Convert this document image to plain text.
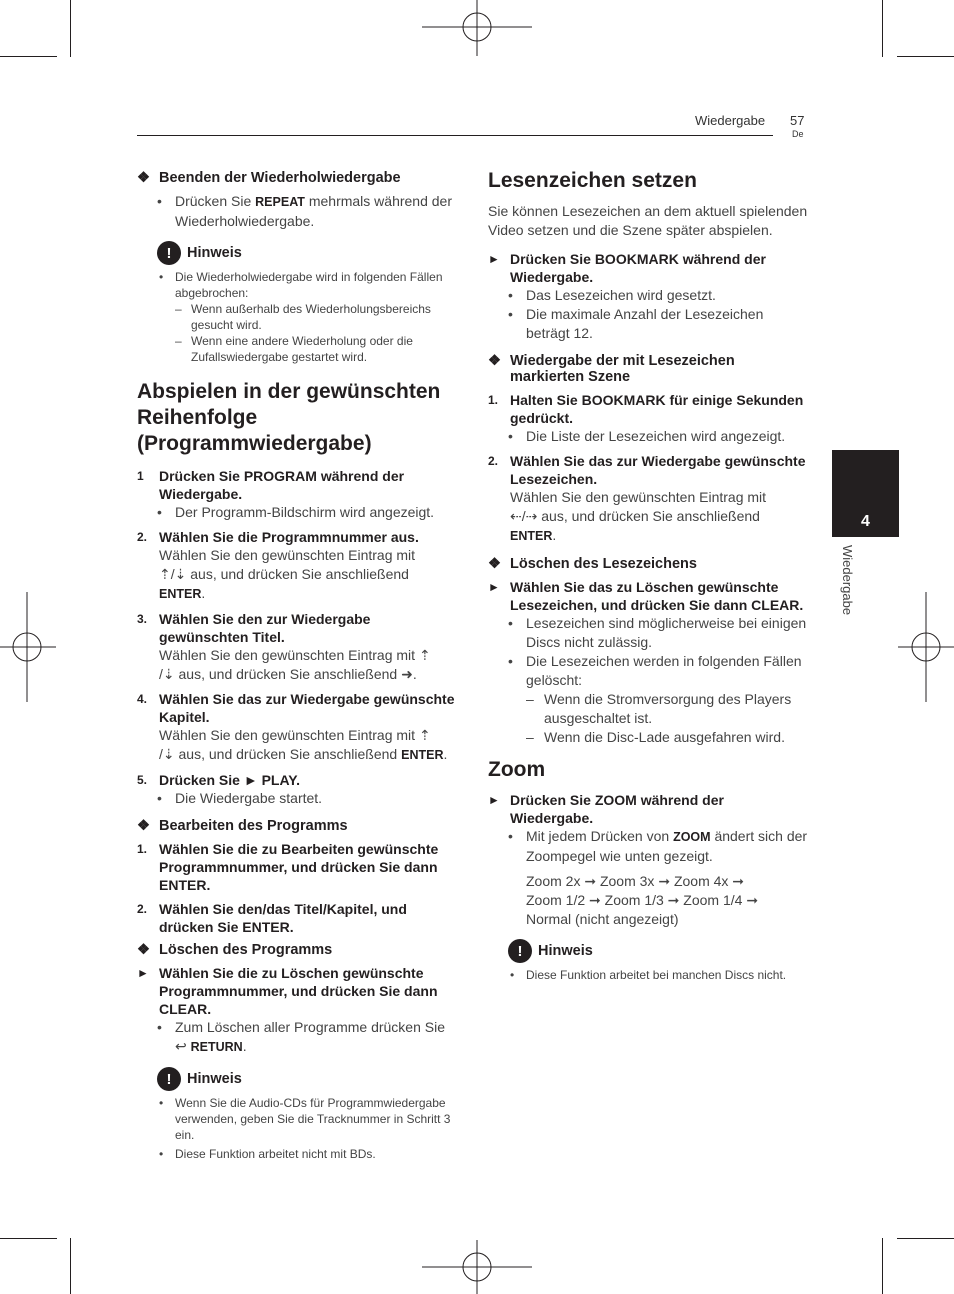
Wiedergabe 57
De
4
Wiedergabe
❖ Beenden der Wiederholwiedergabe
• Drücken Sie REPEAT mehrmals während der Wiederholwiedergabe.
!	Hinweis
• Die Wiederholwiedergabe wird in folgenden Fällen abgebrochen:
– Wenn außerhalb des Wiederholungsbereichs gesucht wird.
– Wenn eine andere Wiederholung oder die Zufallswiedergabe gestartet wird.
Abspielen in der gewünschten Reihenfolge (Programmwiedergabe)
1	Drücken Sie PROGRAM während der Wiedergabe.
• Der Programm-Bildschirm wird angezeigt.
2. Wählen Sie die Programmnummer aus.
Wählen Sie den gewünschten Eintrag mit
⇡/⇣ aus, und drücken Sie anschließend
ENTER.
3. Wählen Sie den zur Wiedergabe gewünschten Titel.
Wählen Sie den gewünschten Eintrag mit ⇡
/⇣ aus, und drücken Sie anschließend ➜.
4. Wählen Sie das zur Wiedergabe gewünschte Kapitel.
Wählen Sie den gewünschten Eintrag mit ⇡
/⇣ aus, und drücken Sie anschließend ENTER.
5. Drücken Sie ► PLAY.
• Die Wiedergabe startet.
❖ Bearbeiten des Programms
1. Wählen Sie die zu Bearbeiten gewünschte Programmnummer, und drücken Sie dann ENTER.
2. Wählen Sie den/das Titel/Kapitel, und drücken Sie ENTER.
❖ Löschen des Programms
► Wählen Sie die zu Löschen gewünschte Programmnummer, und drücken Sie dann CLEAR.
• Zum Löschen aller Programme drücken Sie ↩ RETURN.
!	Hinweis
• Wenn Sie die Audio-CDs für Programmwiedergabe verwenden, geben Sie die Tracknummer in Schritt 3 ein.
• Diese Funktion arbeitet nicht mit BDs.
Lesenzeichen setzen
Sie können Lesezeichen an dem aktuell spielenden Video setzen und die Szene später abspielen.
► Drücken Sie BOOKMARK während der Wiedergabe.
• Das Lesezeichen wird gesetzt.
• Die maximale Anzahl der Lesezeichen beträgt 12.
❖ Wiedergabe der mit Lesezeichen markierten Szene
1. Halten Sie BOOKMARK für einige Sekunden gedrückt.
• Die Liste der Lesezeichen wird angezeigt.
2. Wählen Sie das zur Wiedergabe gewünschte Lesezeichen.
Wählen Sie den gewünschten Eintrag mit
⇠/⇢ aus, und drücken Sie anschließend
ENTER.
❖ Löschen des Lesezeichens
► Wählen Sie das zu Löschen gewünschte Lesezeichen, und drücken Sie dann CLEAR.
• Lesezeichen sind möglicherweise bei einigen Discs nicht zulässig.
• Die Lesezeichen werden in folgenden Fällen gelöscht:
– Wenn die Stromversorgung des Players ausgeschaltet ist.
– Wenn die Disc-Lade ausgefahren wird.
Zoom
► Drücken Sie ZOOM während der Wiedergabe.
• Mit jedem Drücken von ZOOM ändert sich der Zoompegel wie unten gezeigt.
Zoom 2x ➞ Zoom 3x ➞ Zoom 4x ➞
Zoom 1/2 ➞ Zoom 1/3 ➞ Zoom 1/4 ➞
Normal (nicht angezeigt)
!	Hinweis
• Diese Funktion arbeitet bei manchen Discs nicht.
